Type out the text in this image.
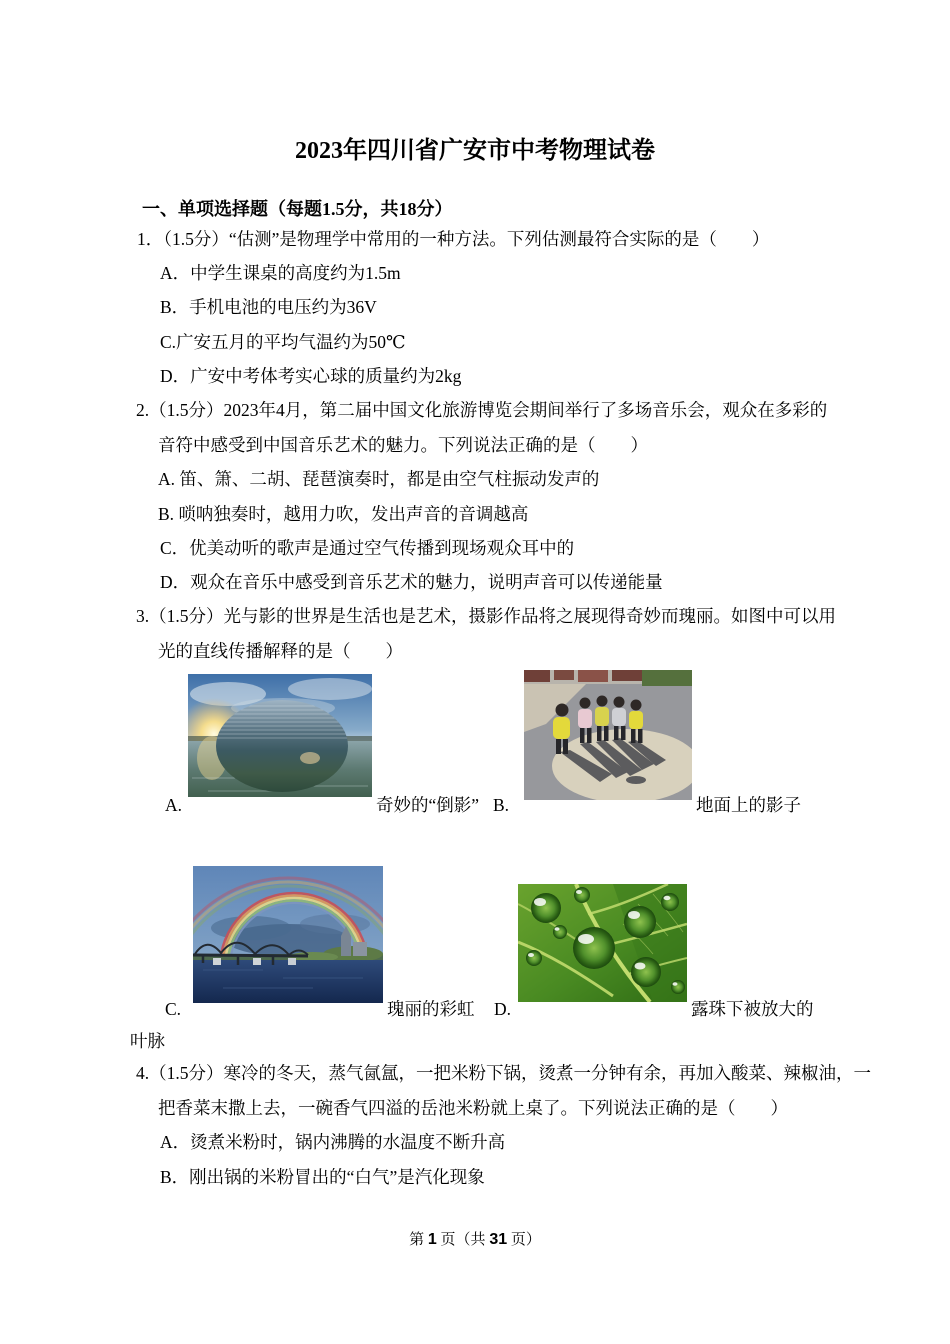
2023年四川省广安市中考物理试卷
一、单项选择题（每题1.5分，共18分）
1．（1.5分）“估测”是物理学中常用的一种方法。下列估测最符合实际的是（　　）
A．中学生课桌的高度约为1.5m
B．手机电池的电压约为36V
C.广安五月的平均气温约为50℃
D．广安中考体考实心球的质量约为2kg
2.（1.5分）2023年4月，第二届中国文化旅游博览会期间举行了多场音乐会，观众在多彩的
音符中感受到中国音乐艺术的魅力。下列说法正确的是（　　）
A. 笛、箫、二胡、琵琶演奏时，都是由空气柱振动发声的
B. 唢呐独奏时，越用力吹，发出声音的音调越高
C．优美动听的歌声是通过空气传播到现场观众耳中的
D．观众在音乐中感受到音乐艺术的魅力，说明声音可以传递能量
3.（1.5分）光与影的世界是生活也是艺术，摄影作品将之展现得奇妙而瑰丽。如图中可以用
光的直线传播解释的是（　　）
A.	奇妙的“倒影” B.	地面上的影子
C.	瑰丽的彩虹 D.	露珠下被放大的
叶脉
4.（1.5分）寒冷的冬天，蒸气氤氲，一把米粉下锅，烫煮一分钟有余，再加入酸菜、辣椒油，一
把香菜末撒上去，一碗香气四溢的岳池米粉就上桌了。下列说法正确的是（　　）
A．烫煮米粉时，锅内沸腾的水温度不断升高
B．刚出锅的米粉冒出的“白气”是汽化现象
第 1 页（共 31 页）
